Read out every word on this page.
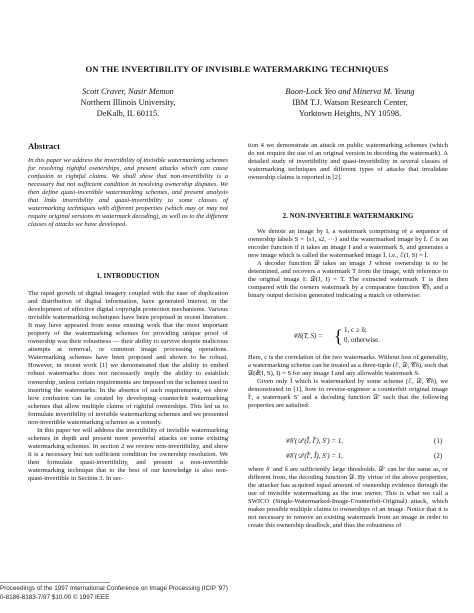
ON THE INVERTIBILITY OF INVISIBLE WATERMARKING TECHNIQUES
Scott Craver, Nasir Memon
Northern Illinois University,
DeKalb, IL 60115.
Boon-Lock Yeo and Minerva M. Yeung
IBM T.J. Watson Research Center,
Yorktown Heights, NY 10598.
Abstract
In this paper we address the invertibility of invisible watermarking schemes for resolving rightful ownerships, and present attacks which can cause confusion to rightful claims. We shall show that non-invertibility is a necessary but not sufficient condition in resolving ownership disputes. We then define quasi-invertible watermarking schemes, and present analysis that links invertibility and quasi-invertibility to some classes of watermarking techniques with different properties (which may or may not require original versions in watermark decoding), as well as to the different classes of attacks we have developed.
1. INTRODUCTION

The rapid growth of digital imagery coupled with the ease of duplication and distribution of digital information, have generated interest in the development of effective digital copyright protection mechanisms. Various invisible watermarking techniques have been proposed in recent literature. It may have appeared from some ensuing work that the most important property of the watermarking schemes for providing unique proof of ownership was their robustness — their ability to survive despite malicious attempts at removal, or common image processing operations. Watermarking schemes have been proposed and shown to be robust. However, in recent work [1] we demonstrated that the ability to embed robust watermarks does not necessarily imply the ability to establish ownership, unless certain requirements are imposed on the schemes used in inserting the watermarks. In the absence of such requirements, we show how confusion can be created by developing counterfeit watermarking schemes that allow multiple claims of rightful ownerships. This led us to formulate invertibility of invisible watermarking schemes and we presented non-invertible watermarking schemes as a remedy.

In this paper we will address the invertibility of invisible watermarking schemes in depth and present more powerful attacks on some existing watermarking schemes. In section 2 we review non-invertibility, and show it is a necessary but not sufficient condition for ownership resolution. We then formulate quasi-invertibility, and present a non-invertible watermarking technique that to the best of our knowledge is also non-quasi-invertible in Section 3. In sec-

tion 4 we demonstrate an attack on public watermarking schemes (which do not require the use of an original version in decoding the watermark). A detailed study of invertibility and quasi-invertibility in several classes of watermarking techniques and different types of attacks that invalidate ownership claims is reported in [2].

2. NON-INVERTIBLE WATERMARKING

We denote an image by I, a watermark comprising of a sequence of ownership labels S = {s1, s2, ···} and the watermarked image by Ĩ. ℰ is an encoder function if it takes an image I and a watermark S, and generates a new image which is called the watermarked image Ĩ, i.e., ℰ(I, S) = Ĩ.

A decoder function 𝒟 takes an image J whose ownership is to be determined, and recovers a watermark T from the image, with reference to the original image I: 𝒟(J, I) = T. The extracted watermark T is then compared with the owners watermark by a comparator function 𝒞δ, and a binary output decision generated indicating a match or otherwise:

𝒞δ(T, S) = { 1, c ≥ δ;
0, otherwise.

Here, c is the correlation of the two watermarks. Without loss of generality, a watermarking scheme can be treated as a three-tuple (ℰ, 𝒟, 𝒞δ), such that 𝒟(ℰ(I, S), I) = S for any image I and any allowable watermark S.

Given only Ĩ which is watermarked by some scheme (ℰ, 𝒟, 𝒞δ), we demonstrated in [1], how to reverse-engineer a counterfeit original image Ĩ′, a watermark S′ and a decoding function 𝒟′ such that the following properties are satisfied:

𝒞δ′(𝒟′(Ĩ, Ĩ′), S′) = 1,	(1)
𝒞δ′(𝒟′(Ĩ′, Ĩ), S′) = 1,	(2)

where δ′ and δ are sufficiently large thresholds. 𝒟′ can be the same as, or different from, the decoding function 𝒟. By virtue of the above properties, the attacker has acquired equal amount of ownership evidence through the use of invisible watermarking as the true owner. This is what we call a SWICO (Single-Watermarked-Image-Counterfeit-Original) attack, which makes possible multiple claims to ownerships of an image. Notice that it is not necessary to remove an existing watermark from an image in order to create this ownership deadlock, and thus the robustness of

Proceedings of the 1997 International Conference on Image Processing (ICIP '97)
0-8186-8183-7/97 $10.00 © 1997 IEEE
